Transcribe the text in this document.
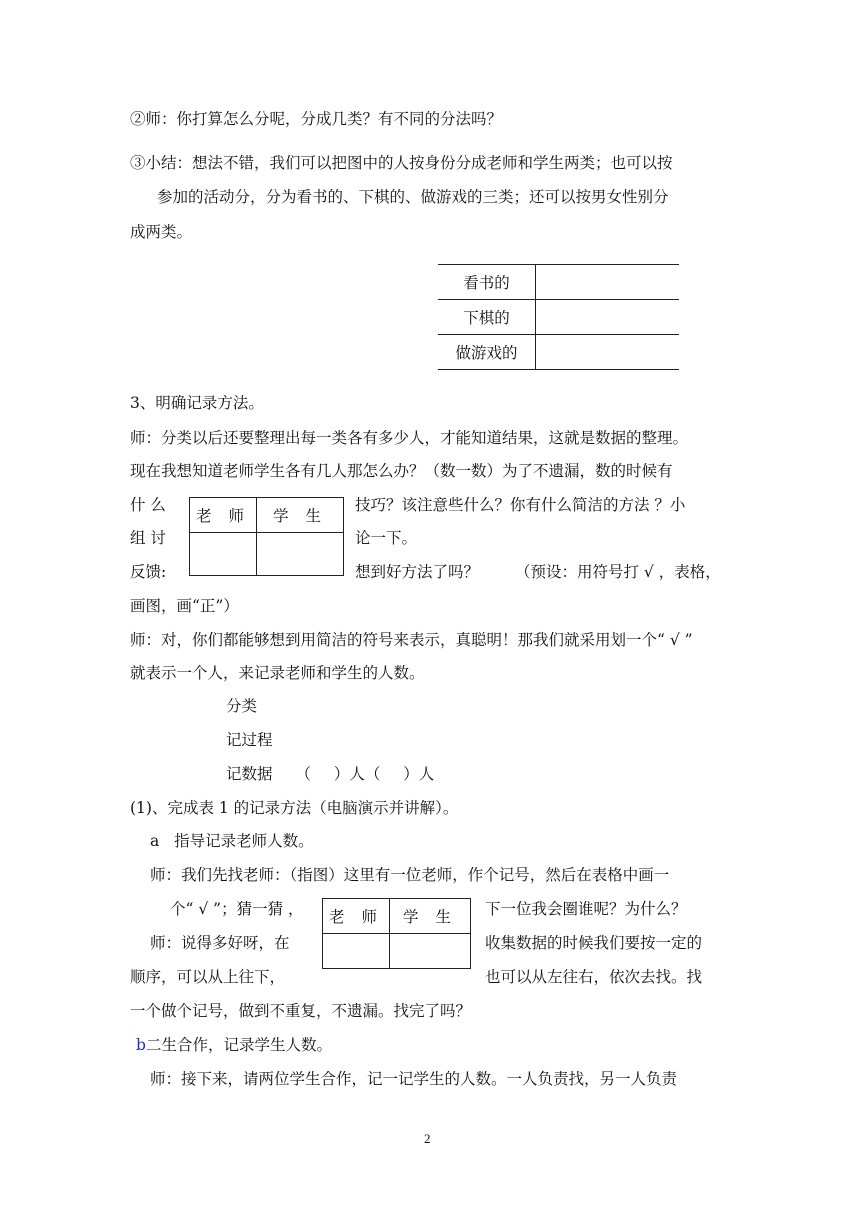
②师：你打算怎么分呢，分成几类？有不同的分法吗？
③小结：想法不错，我们可以把图中的人按身份分成老师和学生两类；也可以按
参加的活动分，分为看书的、下棋的、做游戏的三类；还可以按男女性别分
成两类。
看书的	
下棋的	
做游戏的	
3、明确记录方法。
师：分类以后还要整理出每一类各有多少人，才能知道结果，这就是数据的整理。
现在我想知道老师学生各有几人那怎么办？（数一数）为了不遗漏，数的时候有
什 么	技巧？该注意些什么？你有什么简洁的方法 ？小
组 讨	论一下。
反馈:	想到好方法了吗？ （预设：用符号打 √ ，表格，
老 师	学 生

画图，画“正”）
师：对，你们都能够想到用简洁的符号来表示，真聪明！那我们就采用划一个“ √ ”
就表示一个人，来记录老师和学生的人数。
分类
记过程
记数据 （ ）人（ ）人
(1)、完成表 1 的记录方法（电脑演示并讲解）。
a 指导记录老师人数。
师：我们先找老师：（指图）这里有一位老师，作个记号，然后在表格中画一
个“ √ ”；猜一猜 ，	下一位我会圈谁呢？为什么？
师：说得多好呀，在	收集数据的时候我们要按一定的
顺序，可以从上往下，	也可以从左往右，依次去找。找
老 师	学 生

一个做个记号，做到不重复，不遗漏。找完了吗？
b二生合作，记录学生人数。
师：接下来，请两位学生合作，记一记学生的人数。一人负责找，另一人负责
2
